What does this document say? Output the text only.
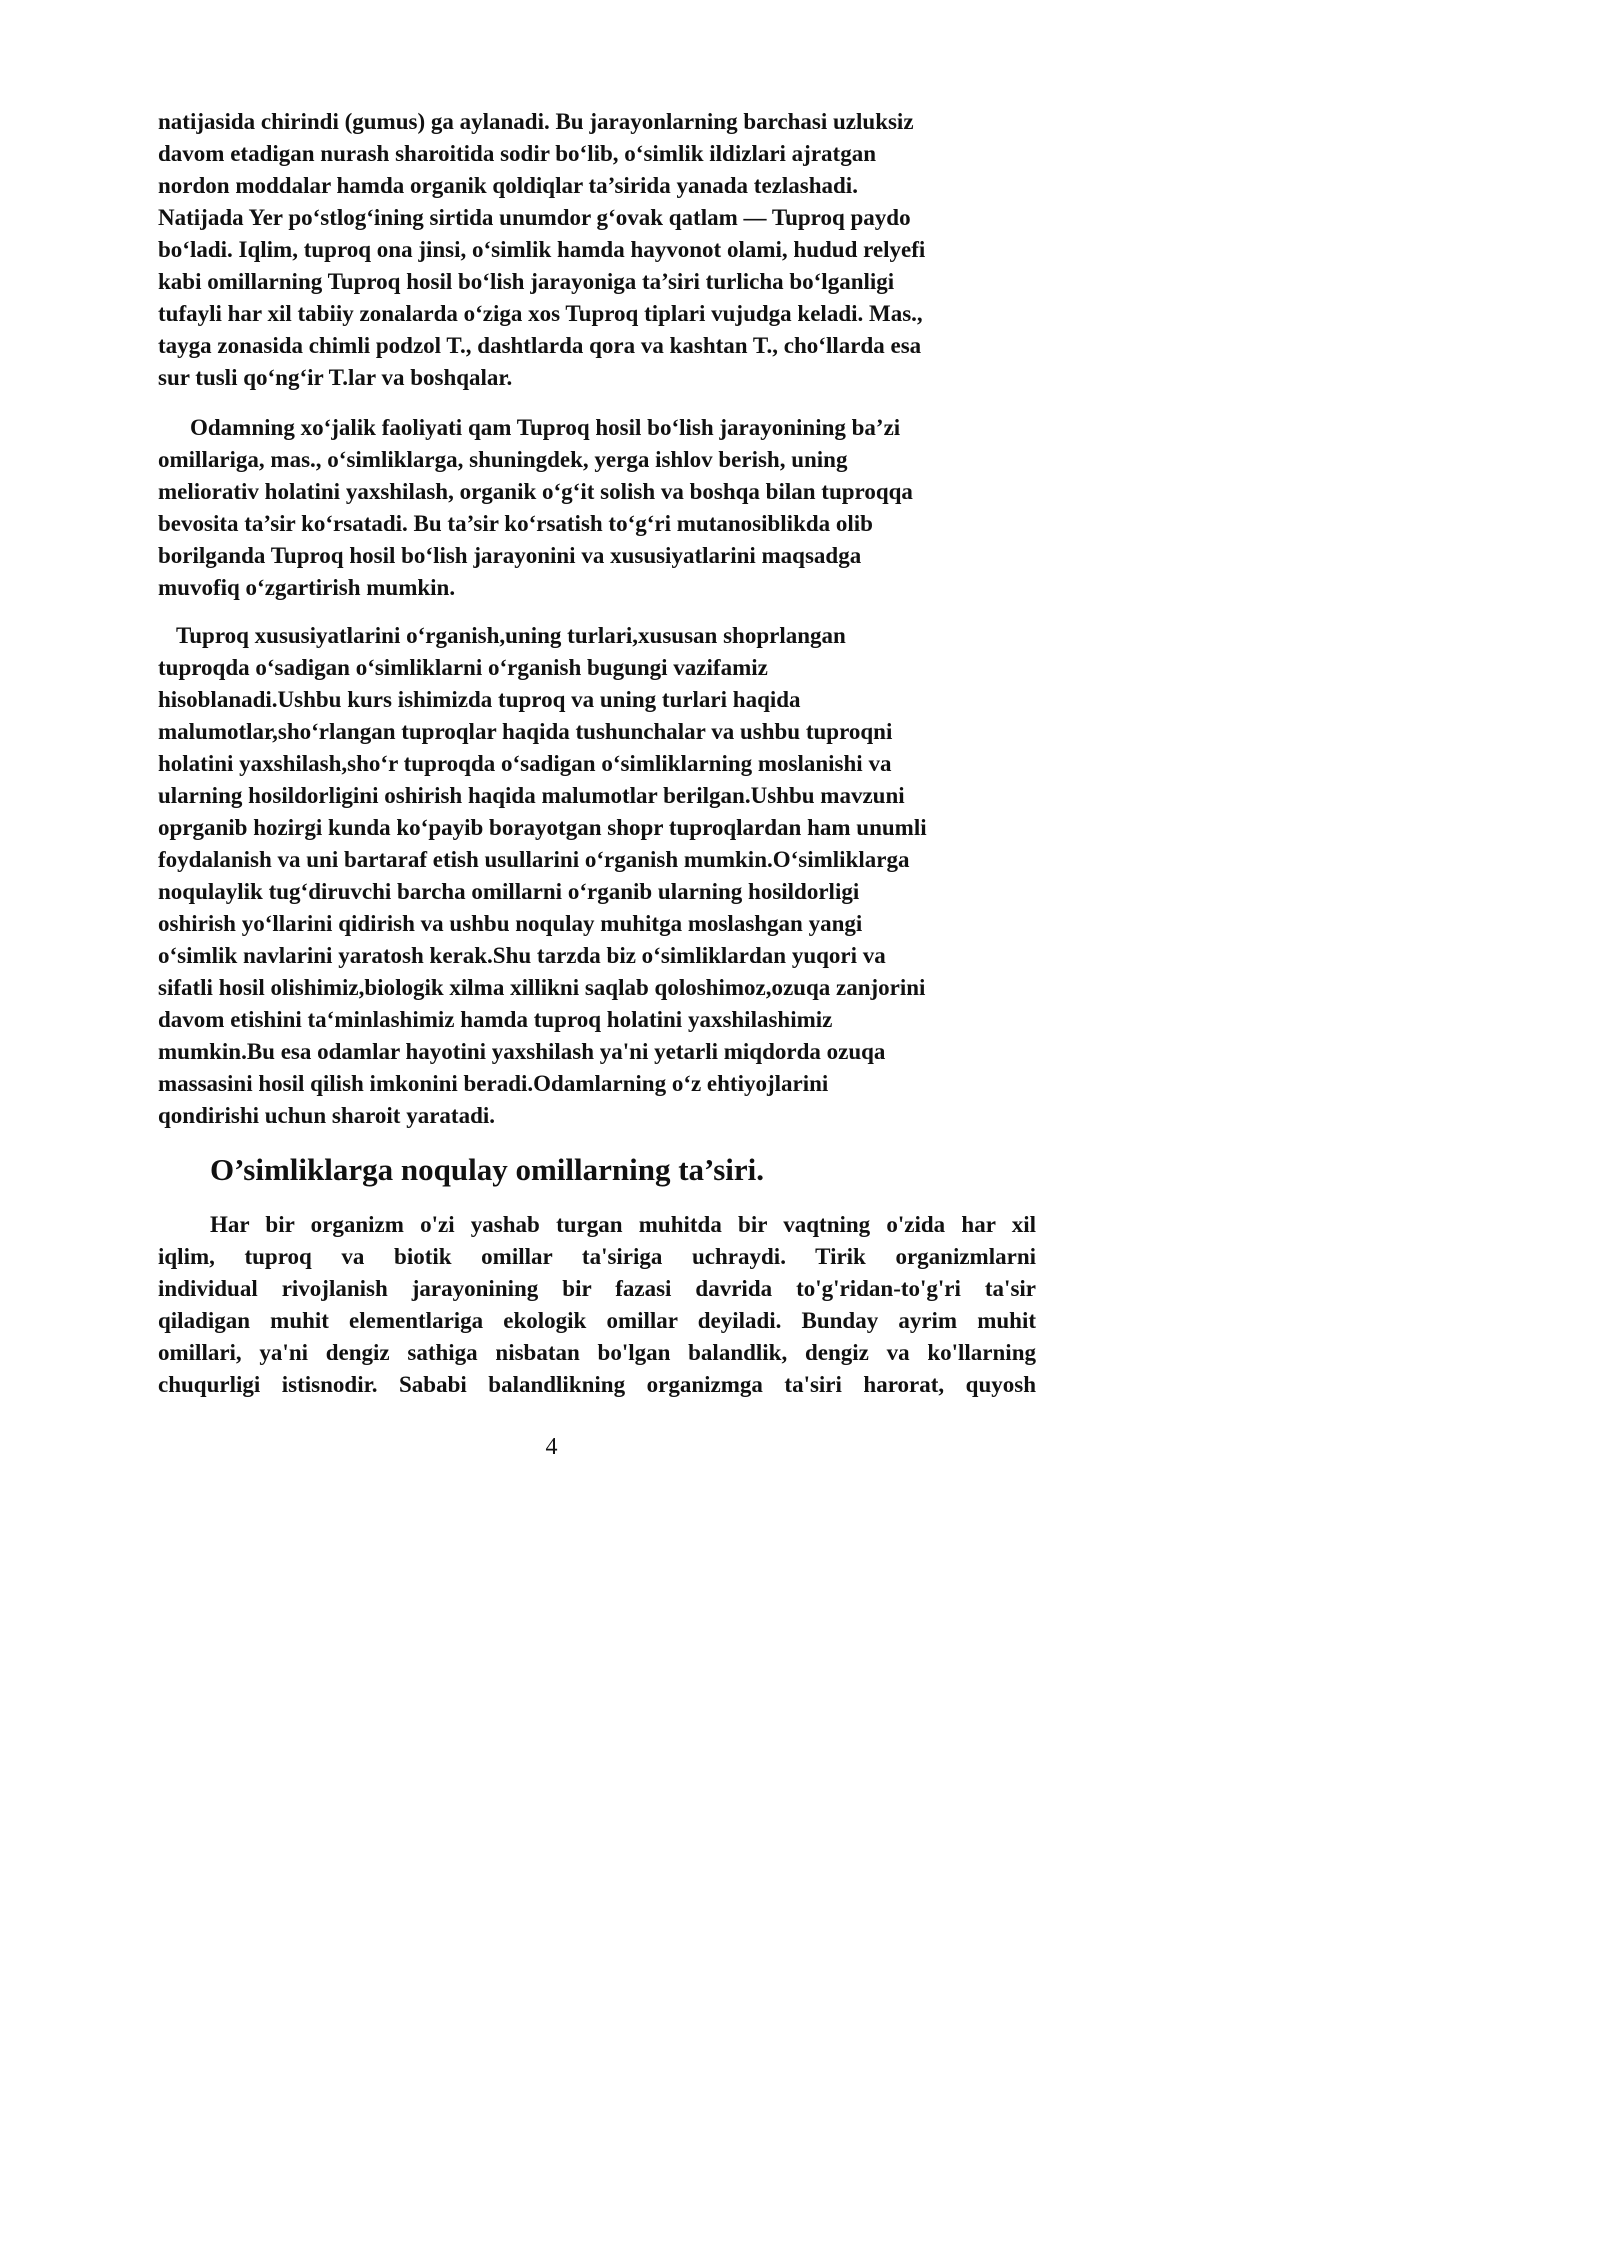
natijasida chirindi (gumus) ga aylanadi. Bu jarayonlarning barchasi uzluksiz
davom etadigan nurash sharoitida sodir bo‘lib, o‘simlik ildizlari ajratgan
nordon moddalar hamda organik qoldiqlar ta’sirida yanada tezlashadi.
Natijada Yer po‘stlog‘ining sirtida unumdor g‘ovak qatlam — Tuproq paydo
bo‘ladi. Iqlim, tuproq ona jinsi, o‘simlik hamda hayvonot olami, hudud relyefi
kabi omillarning Tuproq hosil bo‘lish jarayoniga ta’siri turlicha bo‘lganligi
tufayli har xil tabiiy zonalarda o‘ziga xos Tuproq tiplari vujudga keladi. Mas.,
tayga zonasida chimli podzol T., dashtlarda qora va kashtan T., cho‘llarda esa
sur tusli qo‘ng‘ir T.lar va boshqalar.
Odamning xo‘jalik faoliyati qam Tuproq hosil bo‘lish jarayonining ba’zi
omillariga, mas., o‘simliklarga, shuningdek, yerga ishlov berish, uning
meliorativ holatini yaxshilash, organik o‘g‘it solish va boshqa bilan tuproqqa
bevosita ta’sir ko‘rsatadi. Bu ta’sir ko‘rsatish to‘g‘ri mutanosiblikda olib
borilganda Tuproq hosil bo‘lish jarayonini va xususiyatlarini maqsadga
muvofiq o‘zgartirish mumkin.
Tuproq xususiyatlarini o‘rganish,uning turlari,xususan shoprlangan
tuproqda o‘sadigan o‘simliklarni o‘rganish bugungi vazifamiz
hisoblanadi.Ushbu kurs ishimizda tuproq va uning turlari haqida
malumotlar,sho‘rlangan tuproqlar haqida tushunchalar va ushbu tuproqni
holatini yaxshilash,sho‘r tuproqda o‘sadigan o‘simliklarning moslanishi va
ularning hosildorligini oshirish haqida malumotlar berilgan.Ushbu mavzuni
oprganib hozirgi kunda ko‘payib borayotgan shopr tuproqlardan ham unumli
foydalanish va uni bartaraf etish usullarini o‘rganish mumkin.O‘simliklarga
noqulaylik tug‘diruvchi barcha omillarni o‘rganib ularning hosildorligi
oshirish yo‘llarini qidirish va ushbu noqulay muhitga moslashgan yangi
o‘simlik navlarini yaratosh kerak.Shu tarzda biz o‘simliklardan yuqori va
sifatli hosil olishimiz,biologik xilma xillikni saqlab qoloshimoz,ozuqa zanjorini
davom etishini ta‘minlashimiz hamda tuproq holatini yaxshilashimiz
mumkin.Bu esa odamlar hayotini yaxshilash ya'ni yetarli miqdorda ozuqa
massasini hosil qilish imkonini beradi.Odamlarning o‘z ehtiyojlarini
qondirishi uchun sharoit yaratadi.
O’simliklarga noqulay omillarning ta’siri.
Har bir organizm o'zi yashab turgan muhitda bir vaqtning o'zida har xil
iqlim, tuproq va biotik omillar ta'siriga uchraydi. Tirik organizmlarni
individual rivojlanish jarayonining bir fazasi davrida to'g'ridan-to'g'ri ta'sir
qiladigan muhit elementlariga ekologik omillar deyiladi. Bunday ayrim muhit
omillari, ya'ni dengiz sathiga nisbatan bo'lgan balandlik, dengiz va ko'llarning
chuqurligi istisnodir. Sababi balandlikning organizmga ta'siri harorat, quyosh
4
